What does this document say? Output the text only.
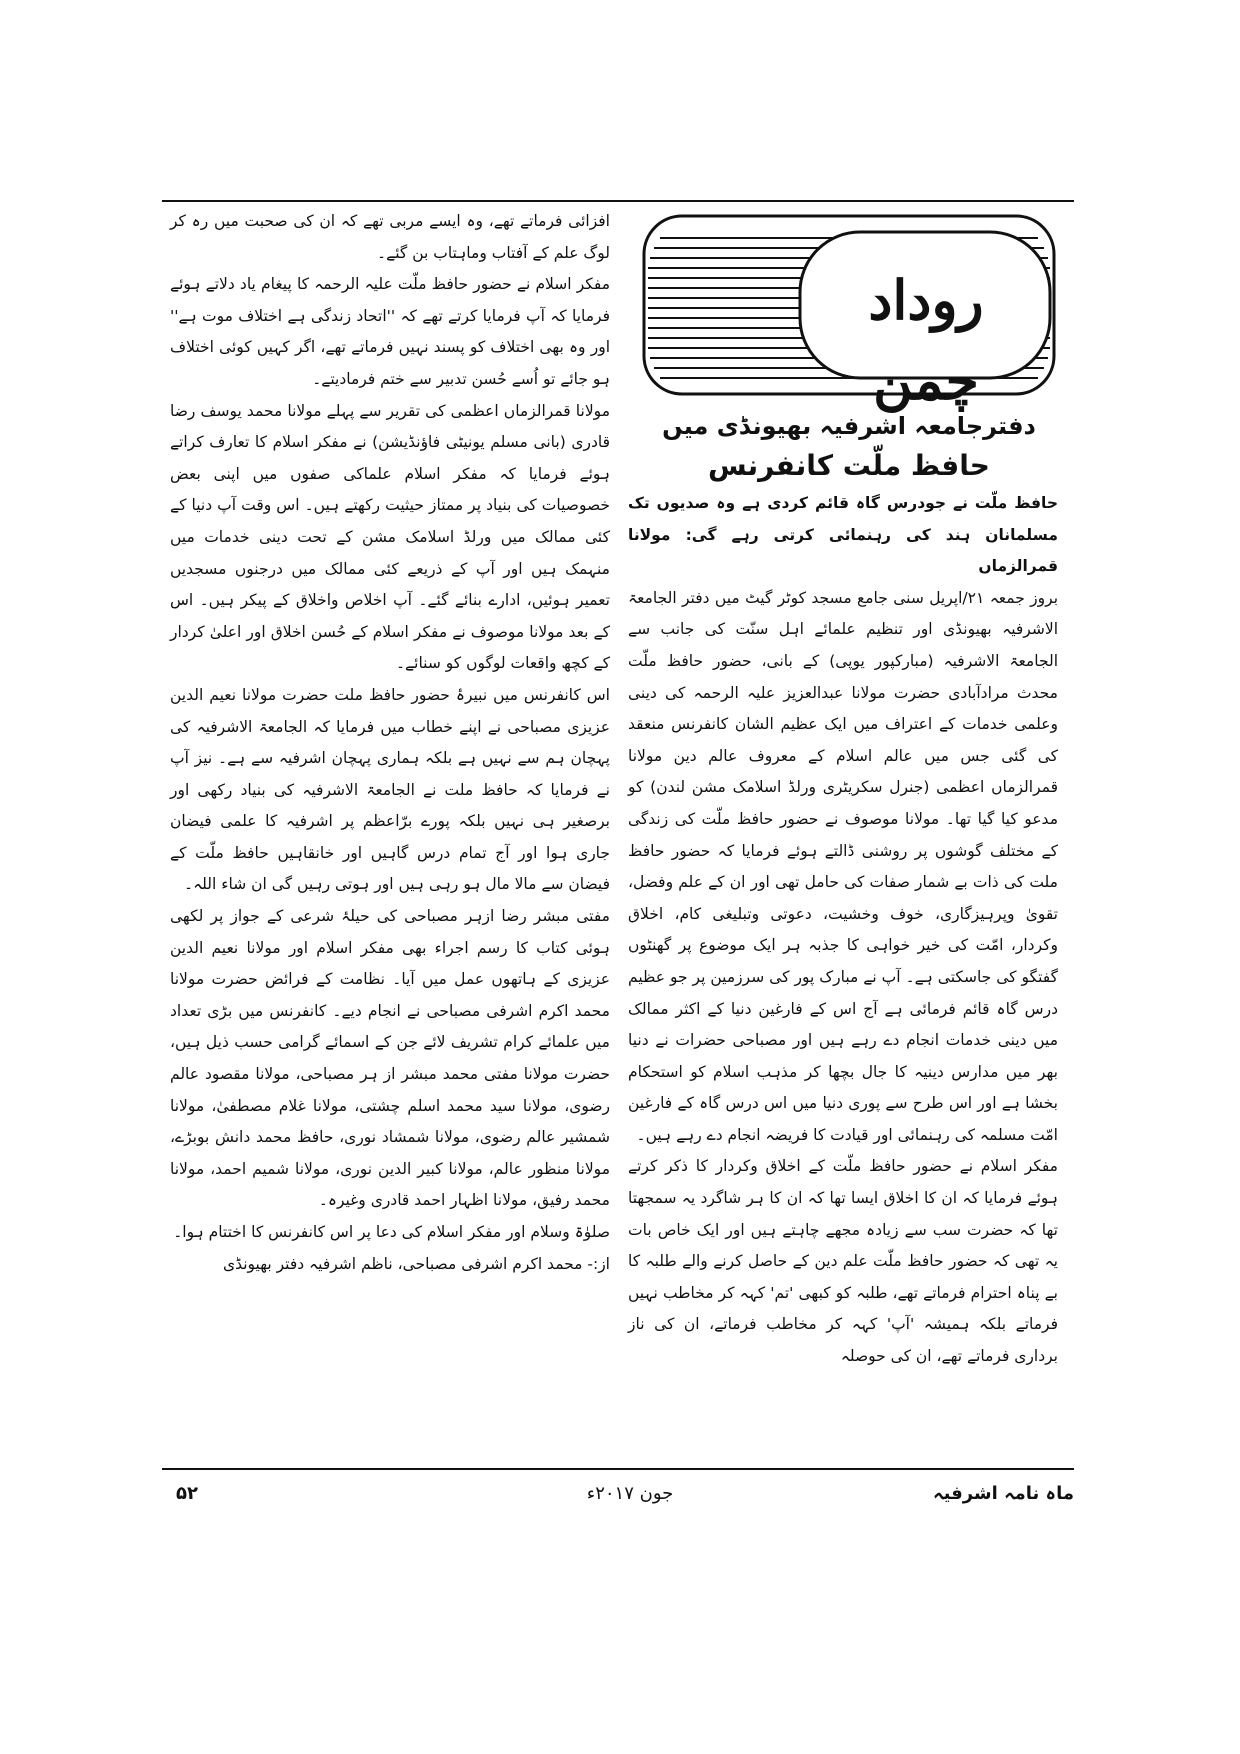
روداد چمن
دفترجامعہ اشرفیہ بھیونڈی میں
حافظ ملّت کانفرنس

حافظ ملّت نے جودرس گاہ قائم کردی ہے وہ صدیوں تک مسلمانان ہند کی رہنمائی کرتی رہے گی: مولانا قمرالزماں

بروز جمعہ ۲۱/اپریل سنی جامع مسجد کوٹر گیٹ میں دفتر الجامعۃ الاشرفیہ بھیونڈی اور تنظیم علمائے اہل سنّت کی جانب سے الجامعۃ الاشرفیہ (مبارکپور یوپی) کے بانی، حضور حافظ ملّت محدث مرادآبادی حضرت مولانا عبدالعزیز علیہ الرحمہ کی دینی وعلمی خدمات کے اعتراف میں ایک عظیم الشان کانفرنس منعقد کی گئی جس میں عالم اسلام کے معروف عالم دین مولانا قمرالزماں اعظمی (جنرل سکریٹری ورلڈ اسلامک مشن لندن) کو مدعو کیا گیا تھا۔ مولانا موصوف نے حضور حافظ ملّت کی زندگی کے مختلف گوشوں پر روشنی ڈالتے ہوئے فرمایا کہ حضور حافظ ملت کی ذات بے شمار صفات کی حامل تھی اور ان کے علم وفضل، تقویٰ وپرہیزگاری، خوف وخشیت، دعوتی وتبلیغی کام، اخلاق وکردار، امّت کی خیر خواہی کا جذبہ ہر ایک موضوع پر گھنٹوں گفتگو کی جاسکتی ہے۔ آپ نے مبارک پور کی سرزمین پر جو عظیم درس گاہ قائم فرمائی ہے آج اس کے فارغین دنیا کے اکثر ممالک میں دینی خدمات انجام دے رہے ہیں اور مصباحی حضرات نے دنیا بھر میں مدارس دینیہ کا جال بچھا کر مذہب اسلام کو استحکام بخشا ہے اور اس طرح سے پوری دنیا میں اس درس گاہ کے فارغین امّت مسلمہ کی رہنمائی اور قیادت کا فریضہ انجام دے رہے ہیں۔

مفکر اسلام نے حضور حافظ ملّت کے اخلاق وکردار کا ذکر کرتے ہوئے فرمایا کہ ان کا اخلاق ایسا تھا کہ ان کا ہر شاگرد یہ سمجھتا تھا کہ حضرت سب سے زیادہ مجھے چاہتے ہیں اور ایک خاص بات یہ تھی کہ حضور حافظ ملّت علم دین کے حاصل کرنے والے طلبہ کا بے پناہ احترام فرماتے تھے، طلبہ کو کبھی 'تم' کہہ کر مخاطب نہیں فرماتے بلکہ ہمیشہ 'آپ' کہہ کر مخاطب فرماتے، ان کی ناز برداری فرماتے تھے، ان کی حوصلہ

افزائی فرماتے تھے، وہ ایسے مربی تھے کہ ان کی صحبت میں رہ کر لوگ علم کے آفتاب وماہتاب بن گئے۔

مفکر اسلام نے حضور حافظ ملّت علیہ الرحمہ کا پیغام یاد دلاتے ہوئے فرمایا کہ آپ فرمایا کرتے تھے کہ ''اتحاد زندگی ہے اختلاف موت ہے'' اور وہ بھی اختلاف کو پسند نہیں فرماتے تھے، اگر کہیں کوئی اختلاف ہو جائے تو اُسے حُسن تدبیر سے ختم فرمادیتے۔

مولانا قمرالزماں اعظمی کی تقریر سے پہلے مولانا محمد یوسف رضا قادری (بانی مسلم یونیٹی فاؤنڈیشن) نے مفکر اسلام کا تعارف کراتے ہوئے فرمایا کہ مفکر اسلام علماکی صفوں میں اپنی بعض خصوصیات کی بنیاد پر ممتاز حیثیت رکھتے ہیں۔ اس وقت آپ دنیا کے کئی ممالک میں ورلڈ اسلامک مشن کے تحت دینی خدمات میں منہمک ہیں اور آپ کے ذریعے کئی ممالک میں درجنوں مسجدیں تعمیر ہوئیں، ادارے بنائے گئے۔ آپ اخلاص واخلاق کے پیکر ہیں۔ اس کے بعد مولانا موصوف نے مفکر اسلام کے حُسن اخلاق اور اعلیٰ کردار کے کچھ واقعات لوگوں کو سنائے۔

اس کانفرنس میں نبیرۂ حضور حافظ ملت حضرت مولانا نعیم الدین عزیزی مصباحی نے اپنے خطاب میں فرمایا کہ الجامعۃ الاشرفیہ کی پہچان ہم سے نہیں ہے بلکہ ہماری پہچان اشرفیہ سے ہے۔ نیز آپ نے فرمایا کہ حافظ ملت نے الجامعۃ الاشرفیہ کی بنیاد رکھی اور برصغیر ہی نہیں بلکہ پورے برّاعظم پر اشرفیہ کا علمی فیضان جاری ہوا اور آج تمام درس گاہیں اور خانقاہیں حافظ ملّت کے فیضان سے مالا مال ہو رہی ہیں اور ہوتی رہیں گی ان شاء اللہ۔

مفتی مبشر رضا ازہر مصباحی کی حیلۂ شرعی کے جواز پر لکھی ہوئی کتاب کا رسم اجراء بھی مفکر اسلام اور مولانا نعیم الدین عزیزی کے ہاتھوں عمل میں آیا۔ نظامت کے فرائض حضرت مولانا محمد اکرم اشرفی مصباحی نے انجام دیے۔ کانفرنس میں بڑی تعداد میں علمائے کرام تشریف لائے جن کے اسمائے گرامی حسب ذیل ہیں، حضرت مولانا مفتی محمد مبشر از ہر مصباحی، مولانا مقصود عالم رضوی، مولانا سید محمد اسلم چشتی، مولانا غلام مصطفیٰ، مولانا شمشیر عالم رضوی، مولانا شمشاد نوری، حافظ محمد دانش بوبڑے، مولانا منظور عالم، مولانا کبیر الدین نوری، مولانا شمیم احمد، مولانا محمد رفیق، مولانا اظہار احمد قادری وغیرہ۔

صلوٰۃ وسلام اور مفکر اسلام کی دعا پر اس کانفرنس کا اختتام ہوا۔

از:- محمد اکرم اشرفی مصباحی، ناظم اشرفیہ دفتر بھیونڈی

ماہ نامہ اشرفیہ
جون ۲۰۱۷ء
۵۲
